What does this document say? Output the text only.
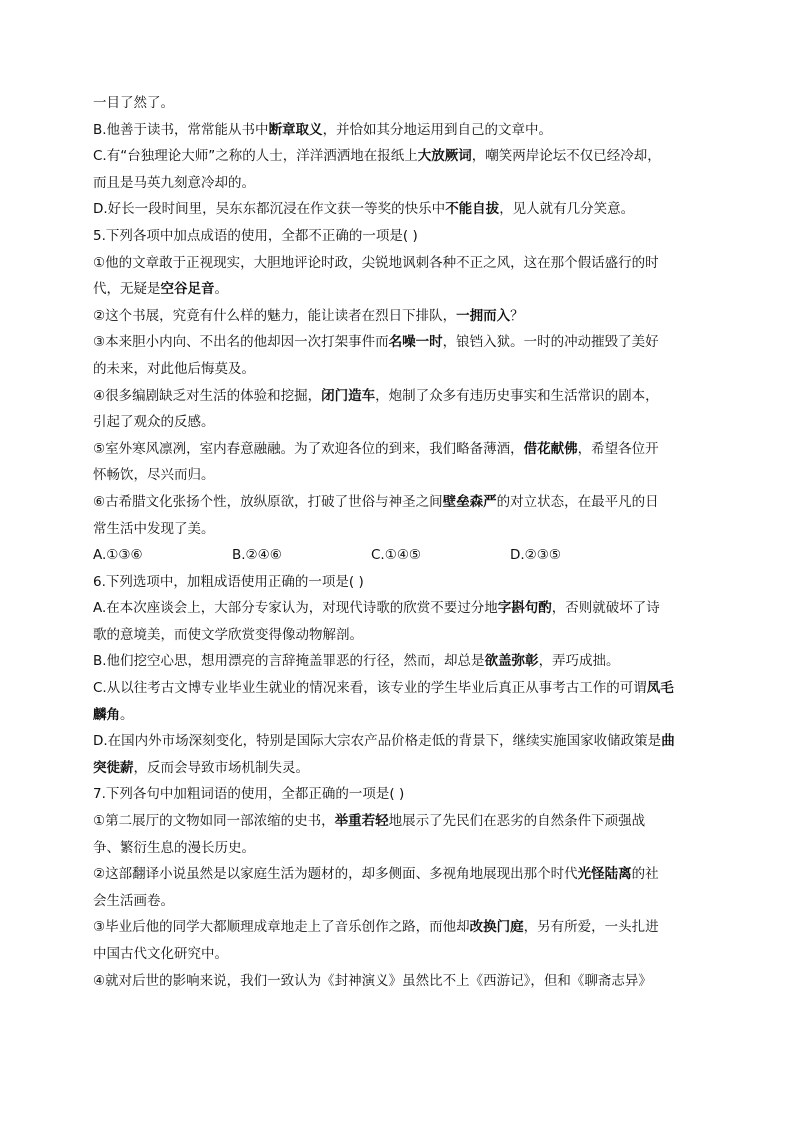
一目了然了。
B.他善于读书，常常能从书中断章取义，并恰如其分地运用到自己的文章中。
C.有“台独理论大师”之称的人士，洋洋洒洒地在报纸上大放厥词，嘲笑两岸论坛不仅已经冷却，
而且是马英九刻意冷却的。
D.好长一段时间里，吴东东都沉浸在作文获一等奖的快乐中不能自拔，见人就有几分笑意。
5.下列各项中加点成语的使用，全都不正确的一项是( )
①他的文章敢于正视现实，大胆地评论时政，尖锐地讽刺各种不正之风，这在那个假话盛行的时
代，无疑是空谷足音。
②这个书展，究竟有什么样的魅力，能让读者在烈日下排队，一拥而入？
③本来胆小内向、不出名的他却因一次打架事件而名噪一时，锒铛入狱。一时的冲动摧毁了美好
的未来，对此他后悔莫及。
④很多编剧缺乏对生活的体验和挖掘，闭门造车，炮制了众多有违历史事实和生活常识的剧本，
引起了观众的反感。
⑤室外寒风凛冽，室内春意融融。为了欢迎各位的到来，我们略备薄酒，借花献佛，希望各位开
怀畅饮，尽兴而归。
⑥古希腊文化张扬个性，放纵原欲，打破了世俗与神圣之间壁垒森严的对立状态，在最平凡的日
常生活中发现了美。
A.①③⑥	B.②④⑥	C.①④⑤	D.②③⑤
6.下列选项中，加粗成语使用正确的一项是( )
A.在本次座谈会上，大部分专家认为，对现代诗歌的欣赏不要过分地字斟句酌，否则就破坏了诗
歌的意境美，而使文学欣赏变得像动物解剖。
B.他们挖空心思，想用漂亮的言辞掩盖罪恶的行径，然而，却总是欲盖弥彰，弄巧成拙。
C.从以往考古文博专业毕业生就业的情况来看，该专业的学生毕业后真正从事考古工作的可谓凤毛
麟角。
D.在国内外市场深刻变化，特别是国际大宗农产品价格走低的背景下，继续实施国家收储政策是曲
突徙薪，反而会导致市场机制失灵。
7.下列各句中加粗词语的使用，全都正确的一项是( )
①第二展厅的文物如同一部浓缩的史书，举重若轻地展示了先民们在恶劣的自然条件下顽强战
争、繁衍生息的漫长历史。
②这部翻译小说虽然是以家庭生活为题材的，却多侧面、多视角地展现出那个时代光怪陆离的社
会生活画卷。
③毕业后他的同学大都顺理成章地走上了音乐创作之路，而他却改换门庭，另有所爱，一头扎进
中国古代文化研究中。
④就对后世的影响来说，我们一致认为《封神演义》虽然比不上《西游记》，但和《聊斋志异》
